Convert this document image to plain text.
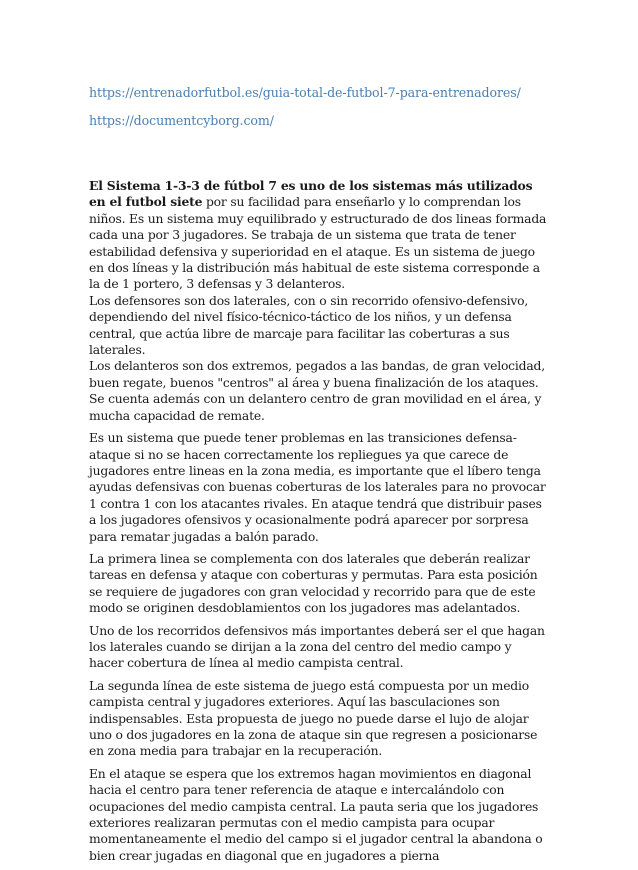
https://entrenadorfutbol.es/guia-total-de-futbol-7-para-entrenadores/
https://documentcyborg.com/

El Sistema 1-3-3 de fútbol 7 es uno de los sistemas más utilizados en el futbol siete por su facilidad para enseñarlo y lo comprendan los niños. Es un sistema muy equilibrado y estructurado de dos lineas formada cada una por 3 jugadores. Se trabaja de un sistema que trata de tener estabilidad defensiva y superioridad en el ataque. Es un sistema de juego en dos líneas y la distribución más habitual de este sistema corresponde a la de 1 portero, 3 defensas y 3 delanteros.
Los defensores son dos laterales, con o sin recorrido ofensivo-defensivo, dependiendo del nivel físico-técnico-táctico de los niños, y un defensa central, que actúa libre de marcaje para facilitar las coberturas a sus laterales.
Los delanteros son dos extremos, pegados a las bandas, de gran velocidad, buen regate, buenos "centros" al área y buena finalización de los ataques. Se cuenta además con un delantero centro de gran movilidad en el área, y mucha capacidad de remate.

Es un sistema que puede tener problemas en las transiciones defensa-ataque si no se hacen correctamente los repliegues ya que carece de jugadores entre lineas en la zona media, es importante que el líbero tenga ayudas defensivas con buenas coberturas de los laterales para no provocar 1 contra 1 con los atacantes rivales. En ataque tendrá que distribuir pases a los jugadores ofensivos y ocasionalmente podrá aparecer por sorpresa para rematar jugadas a balón parado.

La primera linea se complementa con dos laterales que deberán realizar tareas en defensa y ataque con coberturas y permutas. Para esta posición se requiere de jugadores con gran velocidad y recorrido para que de este modo se originen desdoblamientos con los jugadores mas adelantados.

Uno de los recorridos defensivos más importantes deberá ser el que hagan los laterales cuando se dirijan a la zona del centro del medio campo y hacer cobertura de línea al medio campista central.

La segunda línea de este sistema de juego está compuesta por un medio campista central y jugadores exteriores. Aquí las basculaciones son indispensables. Esta propuesta de juego no puede darse el lujo de alojar uno o dos jugadores en la zona de ataque sin que regresen a posicionarse en zona media para trabajar en la recuperación.

En el ataque se espera que los extremos hagan movimientos en diagonal hacia el centro para tener referencia de ataque e intercalándolo con ocupaciones del medio campista central. La pauta seria que los jugadores exteriores realizaran permutas con el medio campista para ocupar momentaneamente el medio del campo si el jugador central la abandona o bien crear jugadas en diagonal que en jugadores a pierna
